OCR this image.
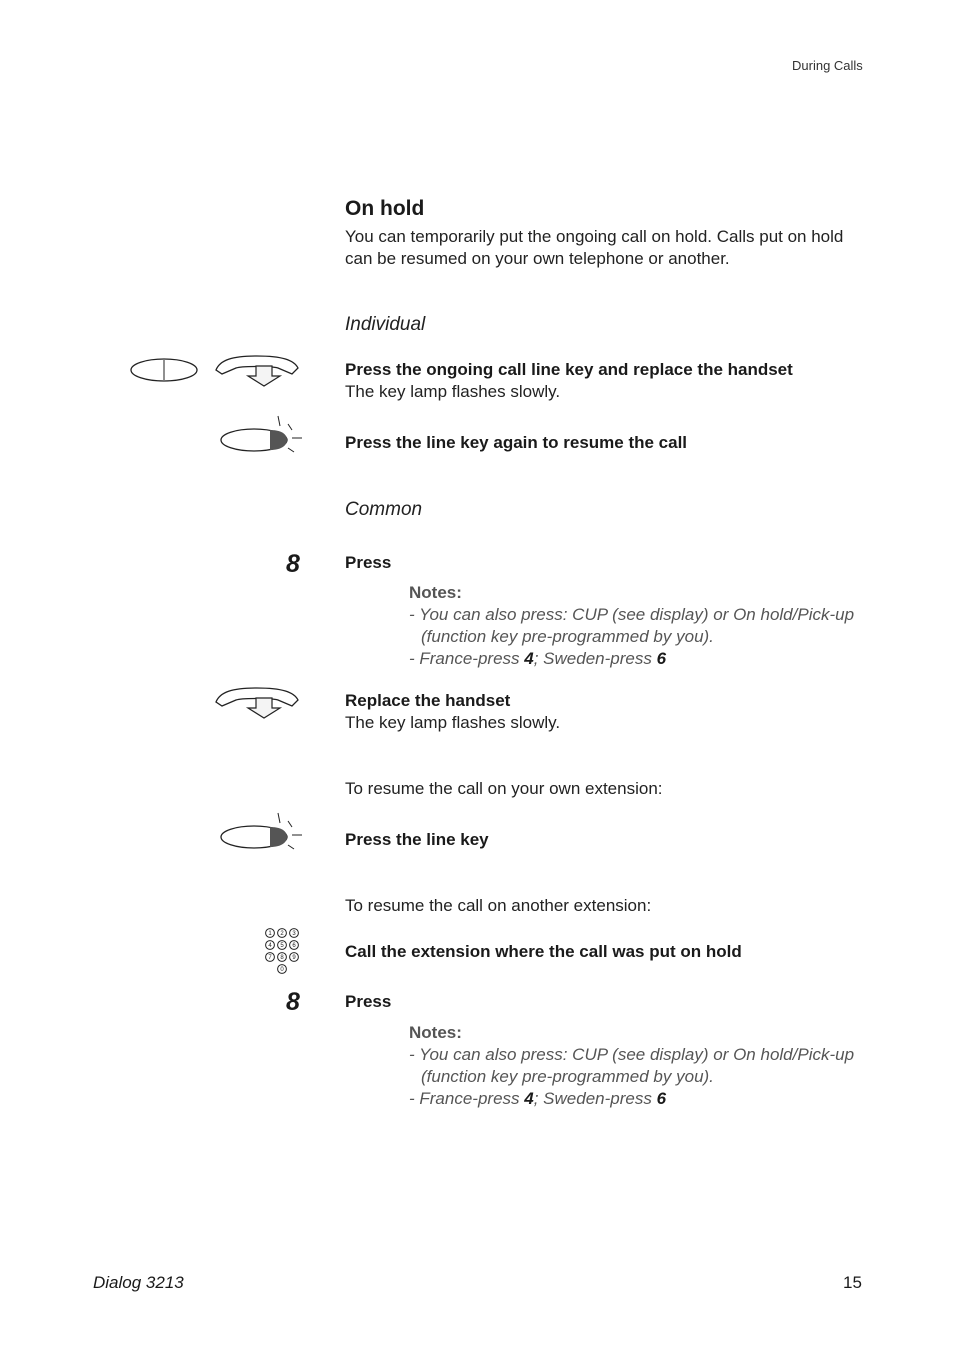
During Calls
On hold
You can temporarily put the ongoing call on hold. Calls put on hold can be resumed on your own telephone or another.
Individual
Press the ongoing call line key and replace the handset
The key lamp flashes slowly.
Press the line key again to resume the call
Common
8	Press
Notes:
- You can also press: CUP (see display) or On hold/Pick-up
(function key pre-programmed by you).
- France-press 4; Sweden-press 6
Replace the handset
The key lamp flashes slowly.
To resume the call on your own extension:
Press the line key
To resume the call on another extension:
1 2 3
4 5 6
7 8 9
0
Call the extension where the call was put on hold
8	Press
Notes:
- You can also press: CUP (see display) or On hold/Pick-up
(function key pre-programmed by you).
- France-press 4; Sweden-press 6
Dialog 3213	15
